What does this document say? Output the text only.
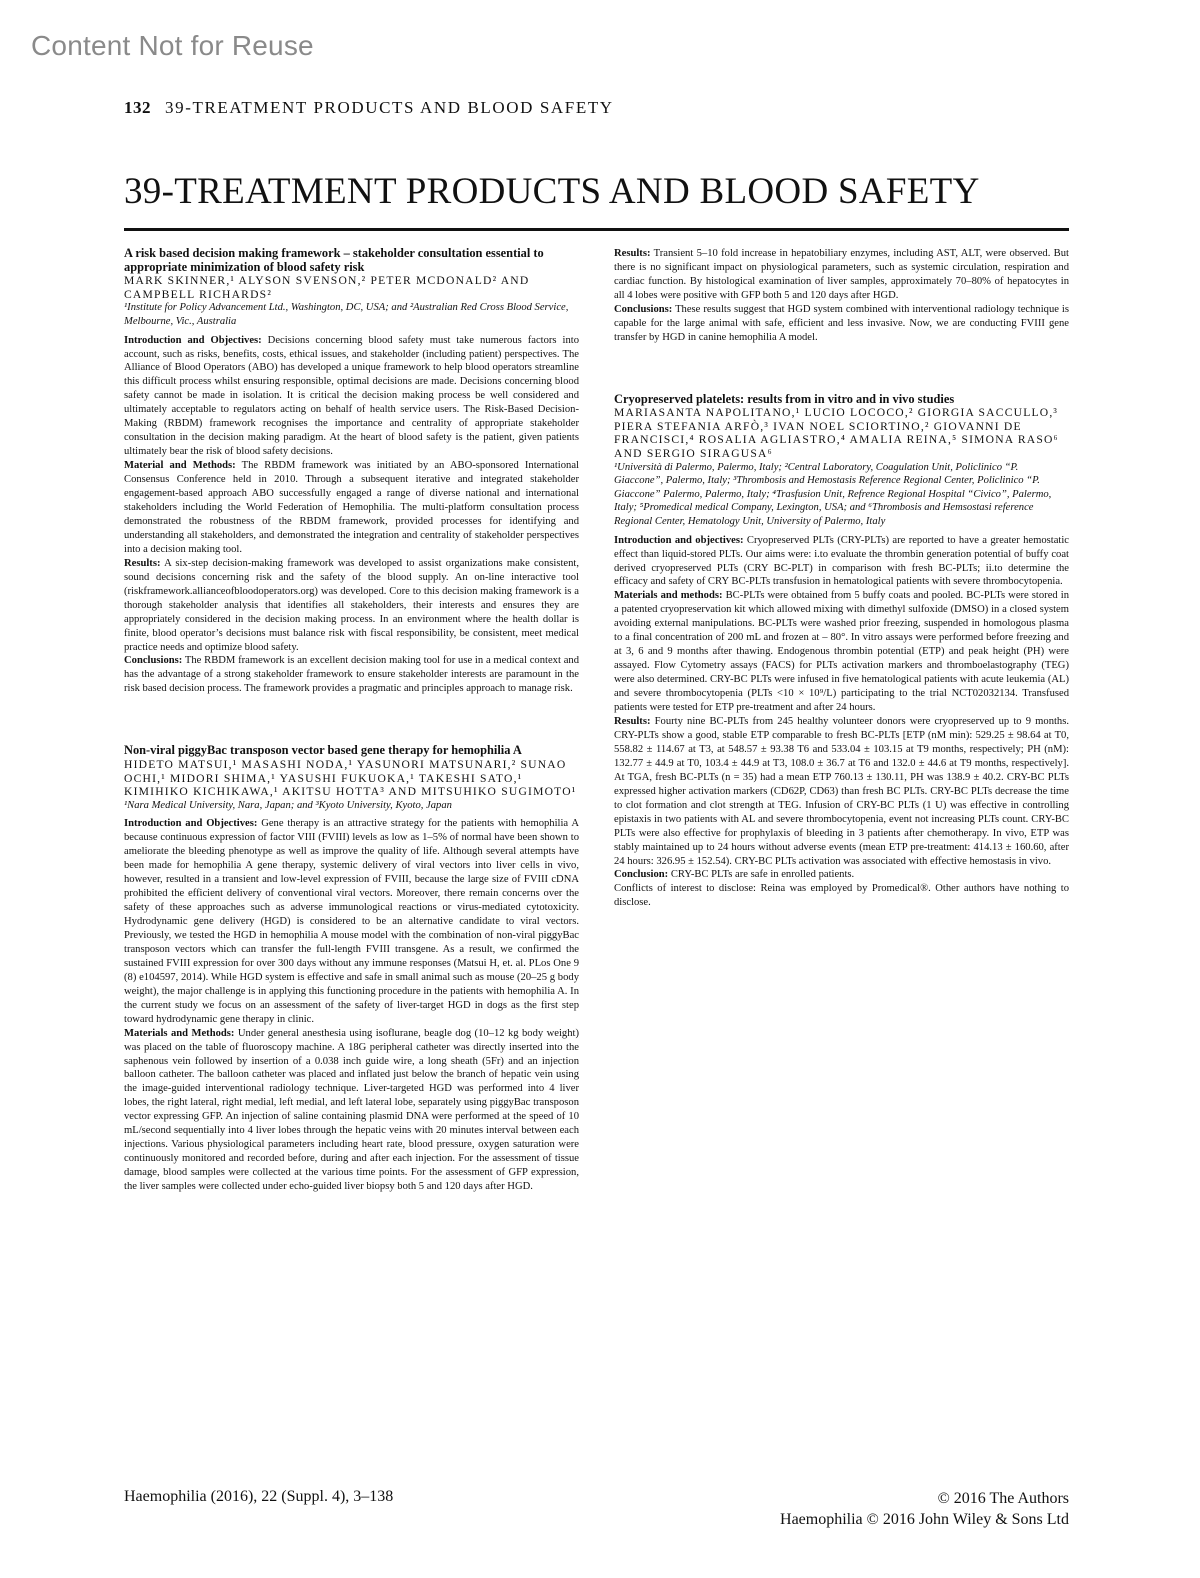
Content Not for Reuse
132 39-TREATMENT PRODUCTS AND BLOOD SAFETY
39-TREATMENT PRODUCTS AND BLOOD SAFETY
A risk based decision making framework – stakeholder consultation essential to appropriate minimization of blood safety risk
MARK SKINNER,¹ ALYSON SVENSON,² PETER MCDONALD² AND CAMPBELL RICHARDS²
¹Institute for Policy Advancement Ltd., Washington, DC, USA; and ²Australian Red Cross Blood Service, Melbourne, Vic., Australia

Introduction and Objectives: Decisions concerning blood safety must take numerous factors into account, such as risks, benefits, costs, ethical issues, and stakeholder (including patient) perspectives. The Alliance of Blood Operators (ABO) has developed a unique framework to help blood operators streamline this difficult process whilst ensuring responsible, optimal decisions are made. Decisions concerning blood safety cannot be made in isolation. It is critical the decision making process be well considered and ultimately acceptable to regulators acting on behalf of health service users. The Risk-Based Decision-Making (RBDM) framework recognises the importance and centrality of appropriate stakeholder consultation in the decision making paradigm. At the heart of blood safety is the patient, given patients ultimately bear the risk of blood safety decisions.

Material and Methods: The RBDM framework was initiated by an ABO-sponsored International Consensus Conference held in 2010. Through a subsequent iterative and integrated stakeholder engagement-based approach ABO successfully engaged a range of diverse national and international stakeholders including the World Federation of Hemophilia. The multi-platform consultation process demonstrated the robustness of the RBDM framework, provided processes for identifying and understanding all stakeholders, and demonstrated the integration and centrality of stakeholder perspectives into a decision making tool.

Results: A six-step decision-making framework was developed to assist organizations make consistent, sound decisions concerning risk and the safety of the blood supply. An on-line interactive tool (riskframework.allianceofbloodoperators.org) was developed. Core to this decision making framework is a thorough stakeholder analysis that identifies all stakeholders, their interests and ensures they are appropriately considered in the decision making process. In an environment where the health dollar is finite, blood operator’s decisions must balance risk with fiscal responsibility, be consistent, meet medical practice needs and optimize blood safety.

Conclusions: The RBDM framework is an excellent decision making tool for use in a medical context and has the advantage of a strong stakeholder framework to ensure stakeholder interests are paramount in the risk based decision process. The framework provides a pragmatic and principles approach to manage risk.

Non-viral piggyBac transposon vector based gene therapy for hemophilia A
HIDETO MATSUI,¹ MASASHI NODA,¹ YASUNORI MATSUNARI,² SUNAO OCHI,¹ MIDORI SHIMA,¹ YASUSHI FUKUOKA,¹ TAKESHI SATO,¹ KIMIHIKO KICHIKAWA,¹ AKITSU HOTTA³ AND MITSUHIKO SUGIMOTO¹
¹Nara Medical University, Nara, Japan; and ³Kyoto University, Kyoto, Japan

Introduction and Objectives: Gene therapy is an attractive strategy for the patients with hemophilia A because continuous expression of factor VIII (FVIII) levels as low as 1–5% of normal have been shown to ameliorate the bleeding phenotype as well as improve the quality of life. Although several attempts have been made for hemophilia A gene therapy, systemic delivery of viral vectors into liver cells in vivo, however, resulted in a transient and low-level expression of FVIII, because the large size of FVIII cDNA prohibited the efficient delivery of conventional viral vectors. Moreover, there remain concerns over the safety of these approaches such as adverse immunological reactions or virus-mediated cytotoxicity. Hydrodynamic gene delivery (HGD) is considered to be an alternative candidate to viral vectors. Previously, we tested the HGD in hemophilia A mouse model with the combination of non-viral piggyBac transposon vectors which can transfer the full-length FVIII transgene. As a result, we confirmed the sustained FVIII expression for over 300 days without any immune responses (Matsui H, et. al. PLos One 9 (8) e104597, 2014). While HGD system is effective and safe in small animal such as mouse (20–25 g body weight), the major challenge is in applying this functioning procedure in the patients with hemophilia A. In the current study we focus on an assessment of the safety of liver-target HGD in dogs as the first step toward hydrodynamic gene therapy in clinic.

Materials and Methods: Under general anesthesia using isoflurane, beagle dog (10–12 kg body weight) was placed on the table of fluoroscopy machine. A 18G peripheral catheter was directly inserted into the saphenous vein followed by insertion of a 0.038 inch guide wire, a long sheath (5Fr) and an injection balloon catheter. The balloon catheter was placed and inflated just below the branch of hepatic vein using the image-guided interventional radiology technique. Liver-targeted HGD was performed into 4 liver lobes, the right lateral, right medial, left medial, and left lateral lobe, separately using piggyBac transposon vector expressing GFP. An injection of saline containing plasmid DNA were performed at the speed of 10 mL/second sequentially into 4 liver lobes through the hepatic veins with 20 minutes interval between each injections. Various physiological parameters including heart rate, blood pressure, oxygen saturation were continuously monitored and recorded before, during and after each injection. For the assessment of tissue damage, blood samples were collected at the various time points. For the assessment of GFP expression, the liver samples were collected under echo-guided liver biopsy both 5 and 120 days after HGD.

Results: Transient 5–10 fold increase in hepatobiliary enzymes, including AST, ALT, were observed. But there is no significant impact on physiological parameters, such as systemic circulation, respiration and cardiac function. By histological examination of liver samples, approximately 70–80% of hepatocytes in all 4 lobes were positive with GFP both 5 and 120 days after HGD.

Conclusions: These results suggest that HGD system combined with interventional radiology technique is capable for the large animal with safe, efficient and less invasive. Now, we are conducting FVIII gene transfer by HGD in canine hemophilia A model.

Cryopreserved platelets: results from in vitro and in vivo studies
MARIASANTA NAPOLITANO,¹ LUCIO LOCOCO,² GIORGIA SACCULLO,³ PIERA STEFANIA ARFÒ,³ IVAN NOEL SCIORTINO,² GIOVANNI DE FRANCISCI,⁴ ROSALIA AGLIASTRO,⁴ AMALIA REINA,⁵ SIMONA RASO⁶ AND SERGIO SIRAGUSA⁶
¹Università di Palermo, Palermo, Italy; ²Central Laboratory, Coagulation Unit, Policlinico “P. Giaccone”, Palermo, Italy; ³Thrombosis and Hemostasis Reference Regional Center, Policlinico “P. Giaccone” Palermo, Palermo, Italy; ⁴Trasfusion Unit, Refrence Regional Hospital “Civico”, Palermo, Italy; ⁵Promedical medical Company, Lexington, USA; and ⁶Thrombosis and Hemsostasi reference Regional Center, Hematology Unit, University of Palermo, Italy

Introduction and objectives: Cryopreserved PLTs (CRY-PLTs) are reported to have a greater hemostatic effect than liquid-stored PLTs. Our aims were: i.to evaluate the thrombin generation potential of buffy coat derived cryopreserved PLTs (CRY BC-PLT) in comparison with fresh BC-PLTs; ii.to determine the efficacy and safety of CRY BC-PLTs transfusion in hematological patients with severe thrombocytopenia.

Materials and methods: BC-PLTs were obtained from 5 buffy coats and pooled. BC-PLTs were stored in a patented cryopreservation kit which allowed mixing with dimethyl sulfoxide (DMSO) in a closed system avoiding external manipulations. BC-PLTs were washed prior freezing, suspended in homologous plasma to a final concentration of 200 mL and frozen at – 80°. In vitro assays were performed before freezing and at 3, 6 and 9 months after thawing. Endogenous thrombin potential (ETP) and peak height (PH) were assayed. Flow Cytometry assays (FACS) for PLTs activation markers and thromboelastography (TEG) were also determined. CRY-BC PLTs were infused in five hematological patients with acute leukemia (AL) and severe thrombocytopenia (PLTs <10 × 10⁹/L) participating to the trial NCT02032134. Transfused patients were tested for ETP pre-treatment and after 24 hours.

Results: Fourty nine BC-PLTs from 245 healthy volunteer donors were cryopreserved up to 9 months. CRY-PLTs show a good, stable ETP comparable to fresh BC-PLTs [ETP (nM min): 529.25 ± 98.64 at T0, 558.82 ± 114.67 at T3, at 548.57 ± 93.38 T6 and 533.04 ± 103.15 at T9 months, respectively; PH (nM): 132.77 ± 44.9 at T0, 103.4 ± 44.9 at T3, 108.0 ± 36.7 at T6 and 132.0 ± 44.6 at T9 months, respectively]. At TGA, fresh BC-PLTs (n = 35) had a mean ETP 760.13 ± 130.11, PH was 138.9 ± 40.2. CRY-BC PLTs expressed higher activation markers (CD62P, CD63) than fresh BC PLTs. CRY-BC PLTs decrease the time to clot formation and clot strength at TEG. Infusion of CRY-BC PLTs (1 U) was effective in controlling epistaxis in two patients with AL and severe thrombocytopenia, event not increasing PLTs count. CRY-BC PLTs were also effective for prophylaxis of bleeding in 3 patients after chemotherapy. In vivo, ETP was stably maintained up to 24 hours without adverse events (mean ETP pre-treatment: 414.13 ± 160.60, after 24 hours: 326.95 ± 152.54). CRY-BC PLTs activation was associated with effective hemostasis in vivo.

Conclusion: CRY-BC PLTs are safe in enrolled patients.

Conflicts of interest to disclose: Reina was employed by Promedical®. Other authors have nothing to disclose.

Haemophilia (2016), 22 (Suppl. 4), 3–138	© 2016 The Authors
Haemophilia © 2016 John Wiley & Sons Ltd
